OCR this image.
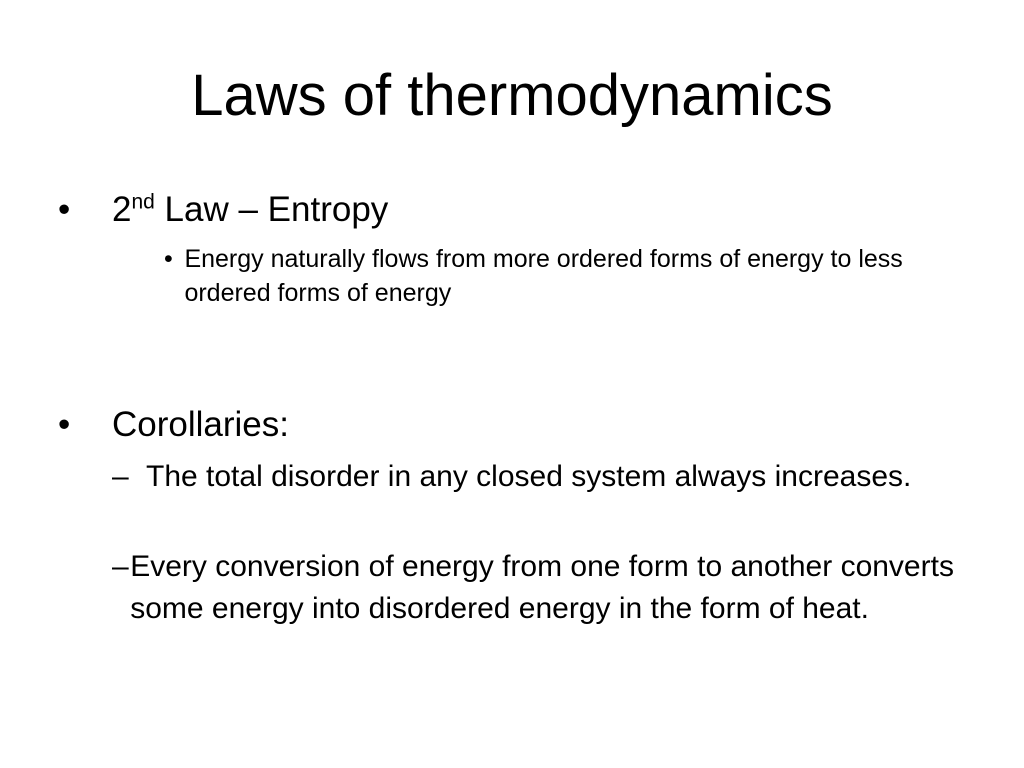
Laws of thermodynamics
•	2nd Law – Entropy
• Energy naturally flows from more ordered forms of energy to less ordered forms of energy
•	Corollaries:
– The total disorder in any closed system always increases.
– Every conversion of energy from one form to another converts some energy into disordered energy in the form of heat.
